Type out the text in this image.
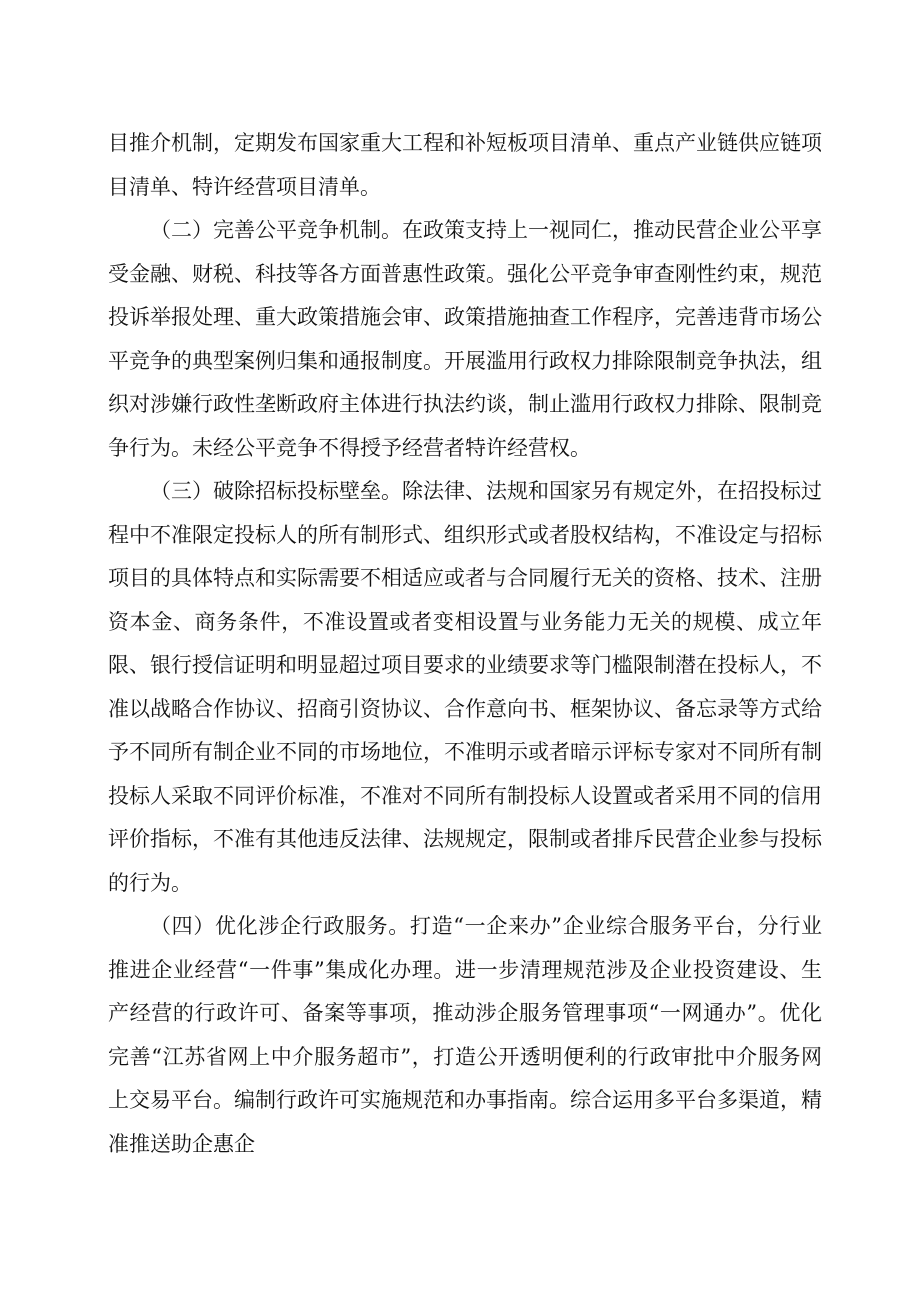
目推介机制，定期发布国家重大工程和补短板项目清单、重点产业链供应链项目清单、特许经营项目清单。

（二）完善公平竞争机制。在政策支持上一视同仁，推动民营企业公平享受金融、财税、科技等各方面普惠性政策。强化公平竞争审查刚性约束，规范投诉举报处理、重大政策措施会审、政策措施抽查工作程序，完善违背市场公平竞争的典型案例归集和通报制度。开展滥用行政权力排除限制竞争执法，组织对涉嫌行政性垄断政府主体进行执法约谈，制止滥用行政权力排除、限制竞争行为。未经公平竞争不得授予经营者特许经营权。

（三）破除招标投标壁垒。除法律、法规和国家另有规定外，在招投标过程中不准限定投标人的所有制形式、组织形式或者股权结构，不准设定与招标项目的具体特点和实际需要不相适应或者与合同履行无关的资格、技术、注册资本金、商务条件，不准设置或者变相设置与业务能力无关的规模、成立年限、银行授信证明和明显超过项目要求的业绩要求等门槛限制潜在投标人，不准以战略合作协议、招商引资协议、合作意向书、框架协议、备忘录等方式给予不同所有制企业不同的市场地位，不准明示或者暗示评标专家对不同所有制投标人采取不同评价标准，不准对不同所有制投标人设置或者采用不同的信用评价指标，不准有其他违反法律、法规规定，限制或者排斥民营企业参与投标的行为。

（四）优化涉企行政服务。打造“一企来办”企业综合服务平台，分行业推进企业经营“一件事”集成化办理。进一步清理规范涉及企业投资建设、生产经营的行政许可、备案等事项，推动涉企服务管理事项“一网通办”。优化完善“江苏省网上中介服务超市”，打造公开透明便利的行政审批中介服务网上交易平台。编制行政许可实施规范和办事指南。综合运用多平台多渠道，精准推送助企惠企
